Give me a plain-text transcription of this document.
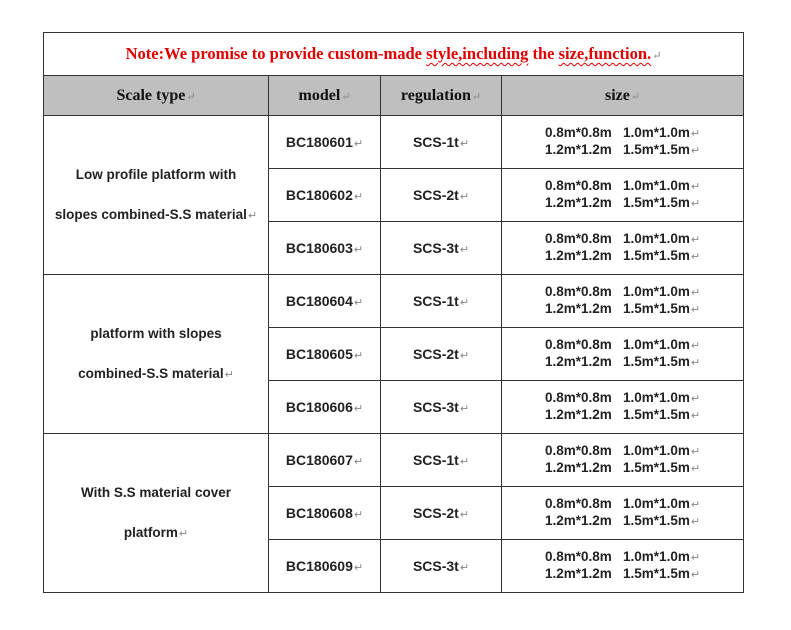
Note:We promise to provide custom-made style,including the size,function.↵			
Scale type↵	model↵	regulation↵	size↵
Low profile platform with
slopes combined-S.S material↵	BC180601↵	SCS-1t↵	0.8m*0.8m   1.0m*1.0m↵
1.2m*1.2m   1.5m*1.5m↵

	BC180602↵	SCS-2t↵	0.8m*0.8m   1.0m*1.0m↵
1.2m*1.2m   1.5m*1.5m↵

	BC180603↵	SCS-3t↵	0.8m*0.8m   1.0m*1.0m↵
1.2m*1.2m   1.5m*1.5m↵

platform with slopes
combined-S.S material↵	BC180604↵	SCS-1t↵	0.8m*0.8m   1.0m*1.0m↵
1.2m*1.2m   1.5m*1.5m↵

	BC180605↵	SCS-2t↵	0.8m*0.8m   1.0m*1.0m↵
1.2m*1.2m   1.5m*1.5m↵

	BC180606↵	SCS-3t↵	0.8m*0.8m   1.0m*1.0m↵
1.2m*1.2m   1.5m*1.5m↵

With S.S material cover
platform↵	BC180607↵	SCS-1t↵	0.8m*0.8m   1.0m*1.0m↵
1.2m*1.2m   1.5m*1.5m↵

	BC180608↵	SCS-2t↵	0.8m*0.8m   1.0m*1.0m↵
1.2m*1.2m   1.5m*1.5m↵

	BC180609↵	SCS-3t↵	0.8m*0.8m   1.0m*1.0m↵
1.2m*1.2m   1.5m*1.5m↵
